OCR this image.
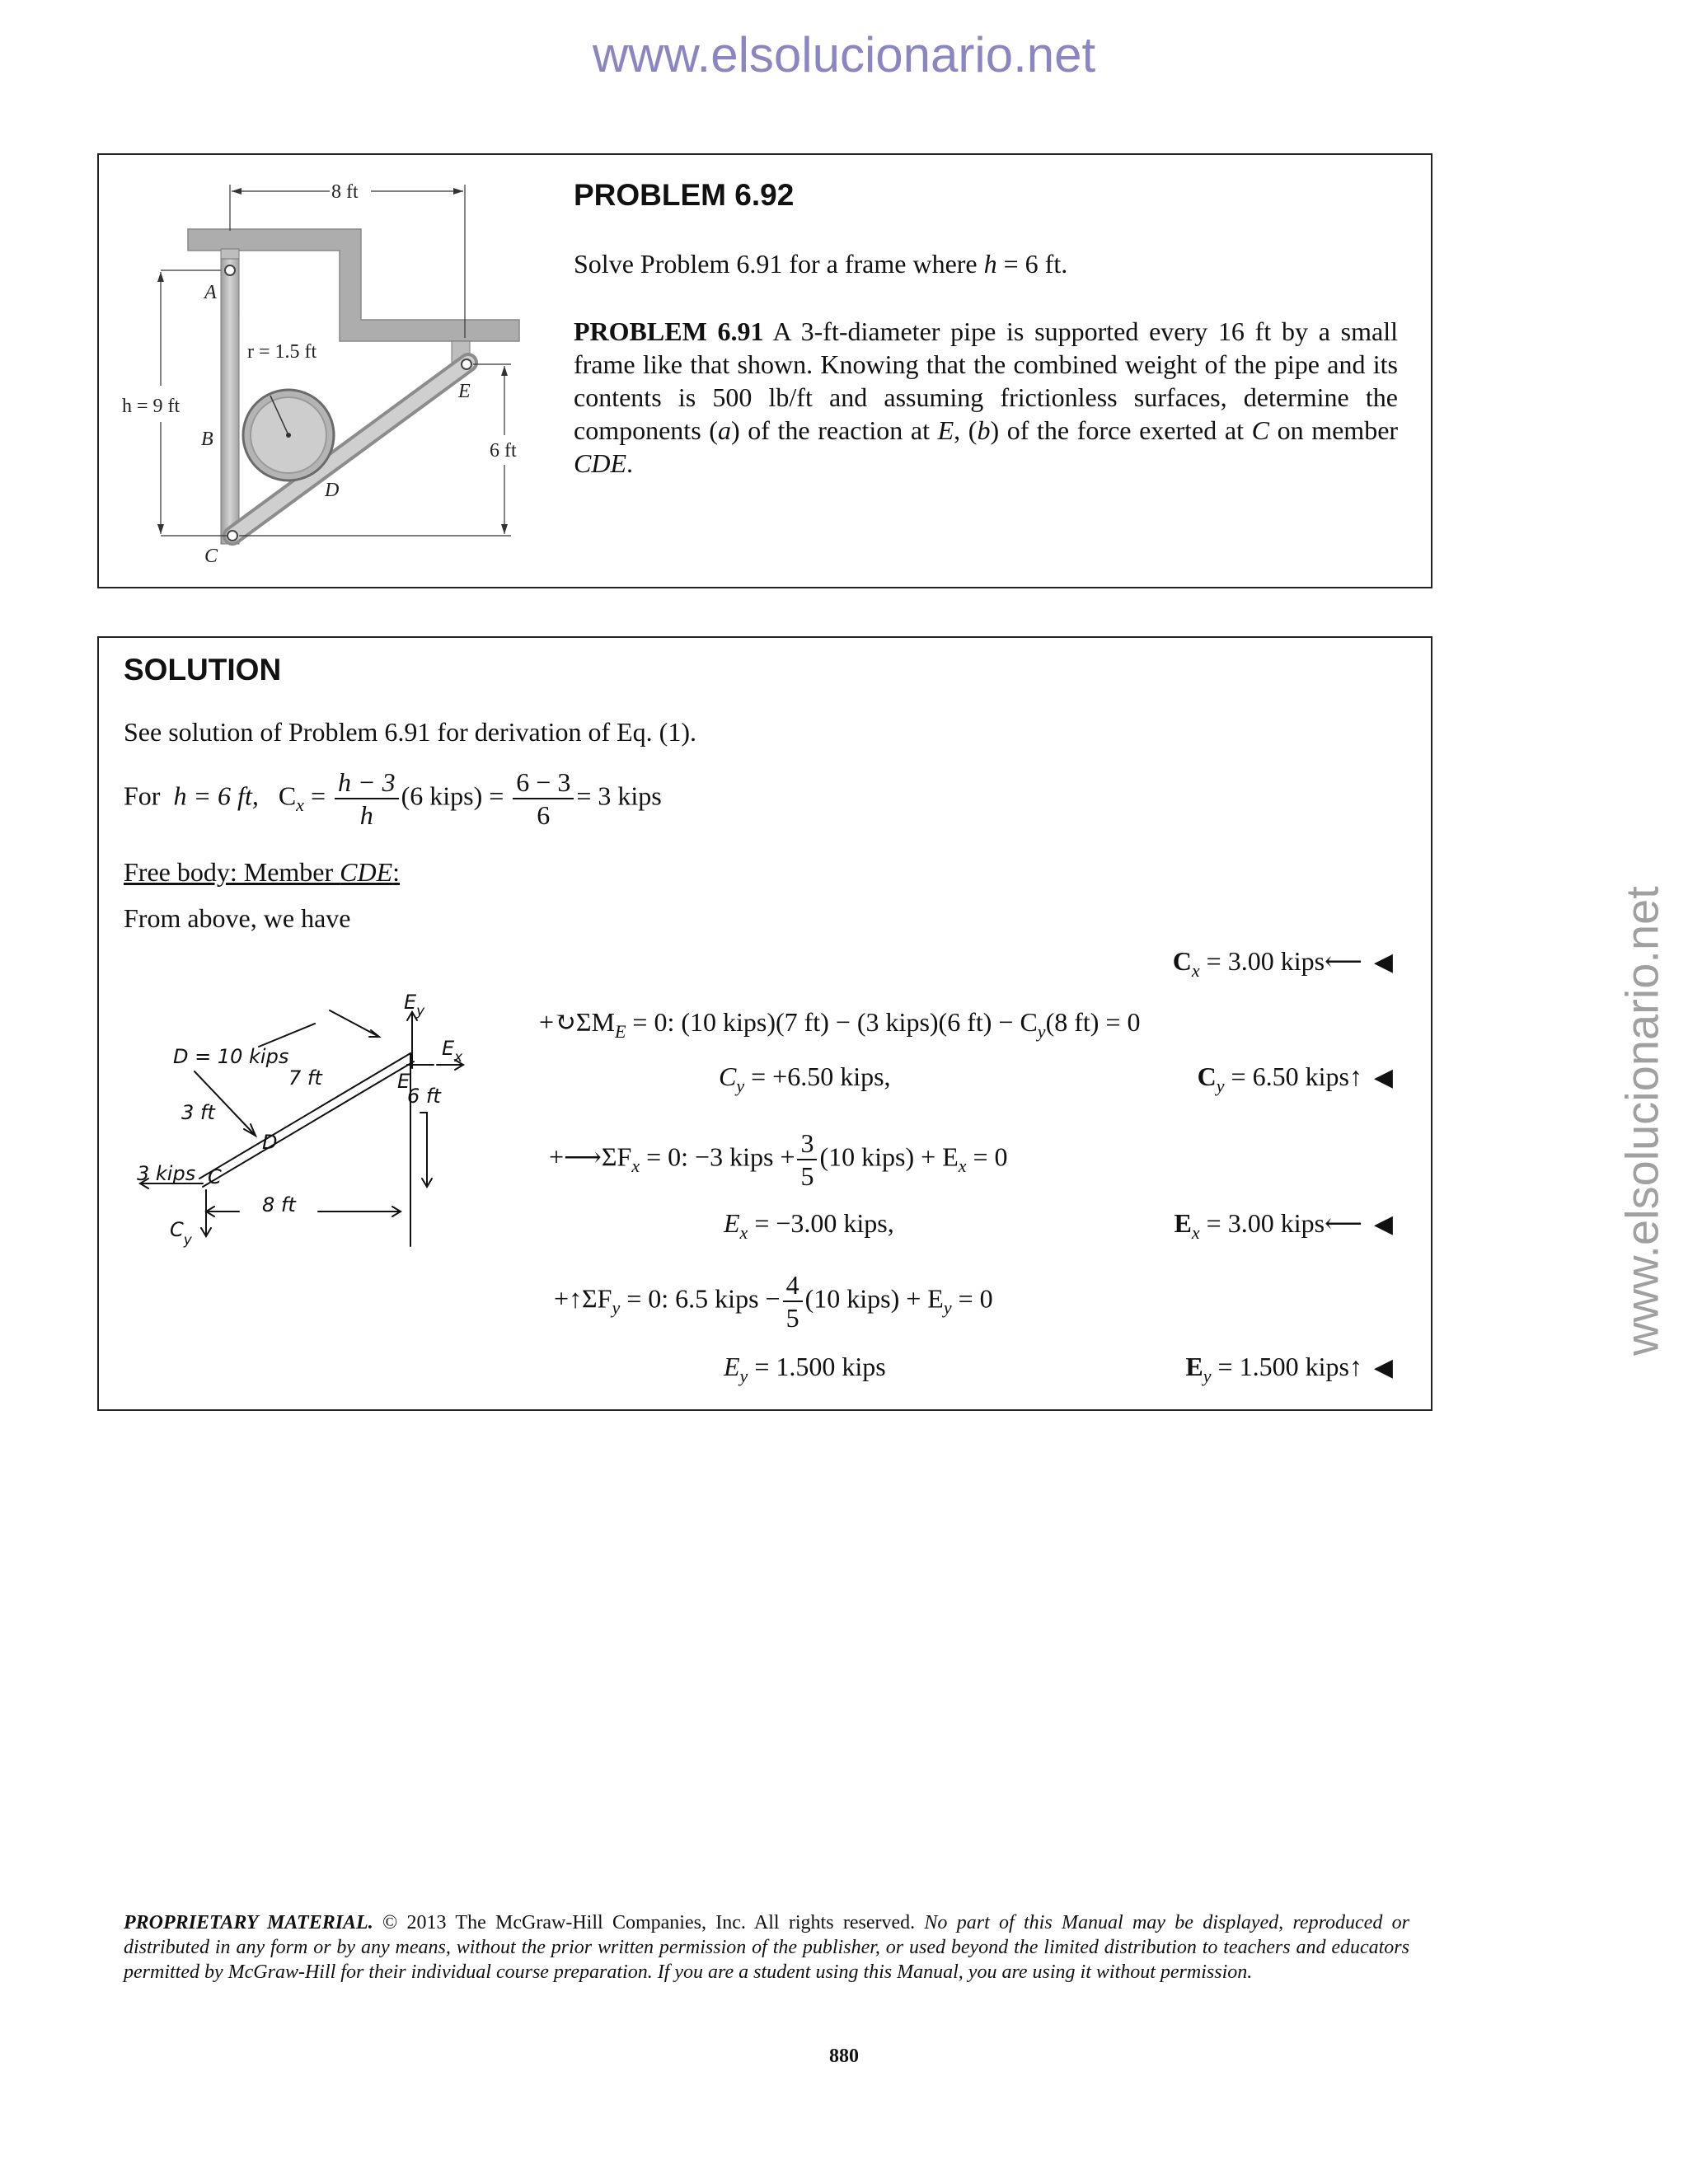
www.elsolucionario.net
www.elsolucionario.net
8 ft
A
B
C
D
E
r = 1.5 ft
h = 9 ft
6 ft
PROBLEM 6.92
Solve Problem 6.91 for a frame where h = 6 ft.
PROBLEM 6.91 A 3-ft-diameter pipe is supported every 16 ft by a small frame like that shown. Knowing that the combined weight of the pipe and its contents is 500 lb/ft and assuming frictionless surfaces, determine the components (a) of the reaction at E, (b) of the force exerted at C on member CDE.
SOLUTION
See solution of Problem 6.91 for derivation of Eq. (1).
For h = 6 ft, $C_x = \frac{h - 3}{h} (6$ kips) = $\frac{6 - 3}{6} = 3$ kips
Free body: Member CDE:
From above, we have
$C_x = 3.00$ kips⟵ ◀
$+↻\Sigma M_E = 0$: (10 kips)(7 ft) − (3 kips)(6 $ft) - C_y(8$ ft) = 0
$C_y = +6.50$ kips,	$C_y = 6.50$ kips↑ ◀
$+⟶\Sigma F_x = 0$: −3 kips + $\frac{3}{5} (10$ kips) + $E_x = 0$
$E_x = -3.00$ kips,	$E_x = 3.00$ kips⟵ ◀
$+↑\Sigma F_y = 0$: 6.5 kips − $\frac{4}{5} (10$ kips) + $E_y = 0$
$E_y = 1.500$ kips	$E_y = 1.500$ kips↑ ◀
D = 10 kips
7 ft
3 ft
$E_y$
$E_x$
E
6 ft
D
3 kips C
8 ft
$C_y$
PROPRIETARY MATERIAL. © 2013 The McGraw-Hill Companies, Inc. All rights reserved. No part of this Manual may be displayed, reproduced or distributed in any form or by any means, without the prior written permission of the publisher, or used beyond the limited distribution to teachers and educators permitted by McGraw-Hill for their individual course preparation. If you are a student using this Manual, you are using it without permission.
880
